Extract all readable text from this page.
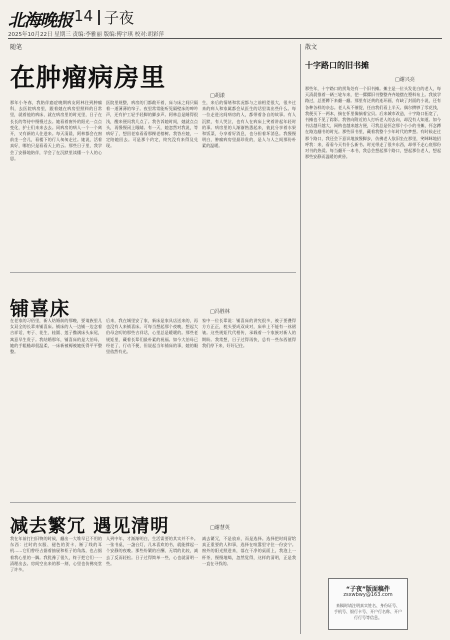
北海晚报 14 子夜
2025年10月22日 星期三 责编:李雅丽 版编:傅宇琪 校对:胡彩萍
随笔	散文
在肿瘤病房里
□胡漾
那年小冬春，我陪伴癌症晚期病友阿林住到肿瘤科，去医院病房里，跟着她在病房里照料的日常里，就着他的病床、就在病房里的时光里，日子在长长的等待中慢慢过去。她看着窗外的阳光一点点变化，护士们来来去去。同病房的病人一个一个离开，又有新的人住进来。每天清晨，阿林都会在窗前坐一会儿，看楼下的行人匆匆走过。她说，活着真好，哪怕只是看看天上的云。那些日子里，我学会了安静地陪伴，学会了在沉默里读懂一个人的心思。
医院里规整，病房的门都敞开着，床与床之间只隔着一道薄薄的帘子。夜里常常能听见隔壁床的呻吟声，还有护工轻手轻脚的脚步声。阿林总是睡得很浅，醒来便问我几点了。我告诉她时间，她就点点头，再慢慢闭上眼睛。有一天，她忽然对我说，等病好了，想回老家看看那棵老榕树。我答应她，一定陪她回去。可是那个约定，终究没有来得及兑现。
生，来后的情绪和状况都与之前相差很大，很多过来的病人和家属都会从医生的话里读出些什么。每一位走进这间病房的人，都带着各自的故事。有人沉默，有人哭泣，也有人在病床上笑着讲起年轻时的事。病房里的人渐渐熟悉起来，彼此分享着水果和饭菜，分享着好消息，也分担着坏消息。我慢慢明白，肿瘤病房里最珍贵的，是人与人之间那份朴素的温暖。
铺喜床	□冯胜林
在老家的习俗里，新人结婚前的那晚，要请族里儿女双全的长辈来铺喜床。铺床的人一边铺一边念着吉祥话，枣子、花生、桂圆、莲子撒满床头床尾，寓意早生贵子。我结婚那年，铺喜床的是大伯母，她的手粗糙却很温柔，一床新被褥被她抚得平平整整。
后来，我在城里安了家，新床是家具店送来的，再也没有人来铺喜床。可每当想起那个夜晚，想起大伯母念叨的那些吉祥话，心里总是暖暖的。那些老规矩里，藏着长辈们最朴素的祝福。如今大伯母已经老了，行动不便，但说起当年铺床的事，她的眼里依然有光。
家中一位长辈说：铺喜床的讲究很多，被子要叠得方方正正，枕头要成双成对，床单上不能有一丝褶皱。这些规矩代代相传，承载着一个家族对新人的期盼。我常想，日子过得再快，总有一些东西值得我们停下来，好好记住。
减去繁冗 遇见清明	□谢慧英
我在年前打扫旧物的时候，翻出一大堆早已不用的东西：过时的衣服、褪色的贺卡、断了线的耳机……它们曾经占据着抽屉和柜子的角落，也占据着我心里的一隅。我犹豫了很久，终于把它们一一清理出去。房间空出来的那一刻，心里也仿佛亮堂了许多。
人到中年，才渐渐明白，生活需要的其实并不多。一张书桌，一盏台灯，几本喜欢的书，就能撑起一个安静的夜晚。那些纷繁的应酬、无谓的比较，减去了反而轻松。日子过得简单一些，心也就清明一些。
减去繁冗，不是放弃，而是选择。选择把时间留给真正重要的人和事，选择在喧嚣里守住一份安宁。窗外的阳光照进来，落在干净的桌面上，我泡上一杯茶，慢慢地喝，忽然觉得，这样的清明，正是我一直在寻找的。
十字路口的旧书摊
□谢兴亮
那些年，十字路口的拐角处有一个旧书摊。摊主是一位头发花白的老人，每天清晨推着一辆三轮车来，把一摞摞旧书整整齐齐地摆在塑料布上。我放学路过，总要蹲下来翻一翻。那里有泛黄的连环画，有缺了封面的小说，还有各种各样的杂志。老人从不催促，任由我们看上半天。偶尔攒够了零花钱，我便买下一两本，揣在怀里像揣着宝贝。后来城市改造，十字路口拓宽了，书摊也不见了踪影。我曾向附近的人打听老人的去向，却没有人知道。如今书店越开越大，网购也越来越方便，可我总是怀念那个小小的书摊，怀念蹲在路边翻书的时光。那些旧书里，藏着我整个少年时代的梦想。有时候走过那个路口，我还会下意识地放慢脚步，仿佛老人依旧坐在那里，笑眯眯地招呼我：来，看看今天有什么新书。时光带走了很多东西，却带不走心底那份对书的热爱。每当翻开一本书，我总会想起那个路口，想起那位老人，想起那些安静而温暖的黄昏。
“子夜”版面稿件
zsxwbwy@163.com
来稿时请注明真实姓名、身份证号、
手机号、银行卡号、开户行名称、开户行行号等信息。
